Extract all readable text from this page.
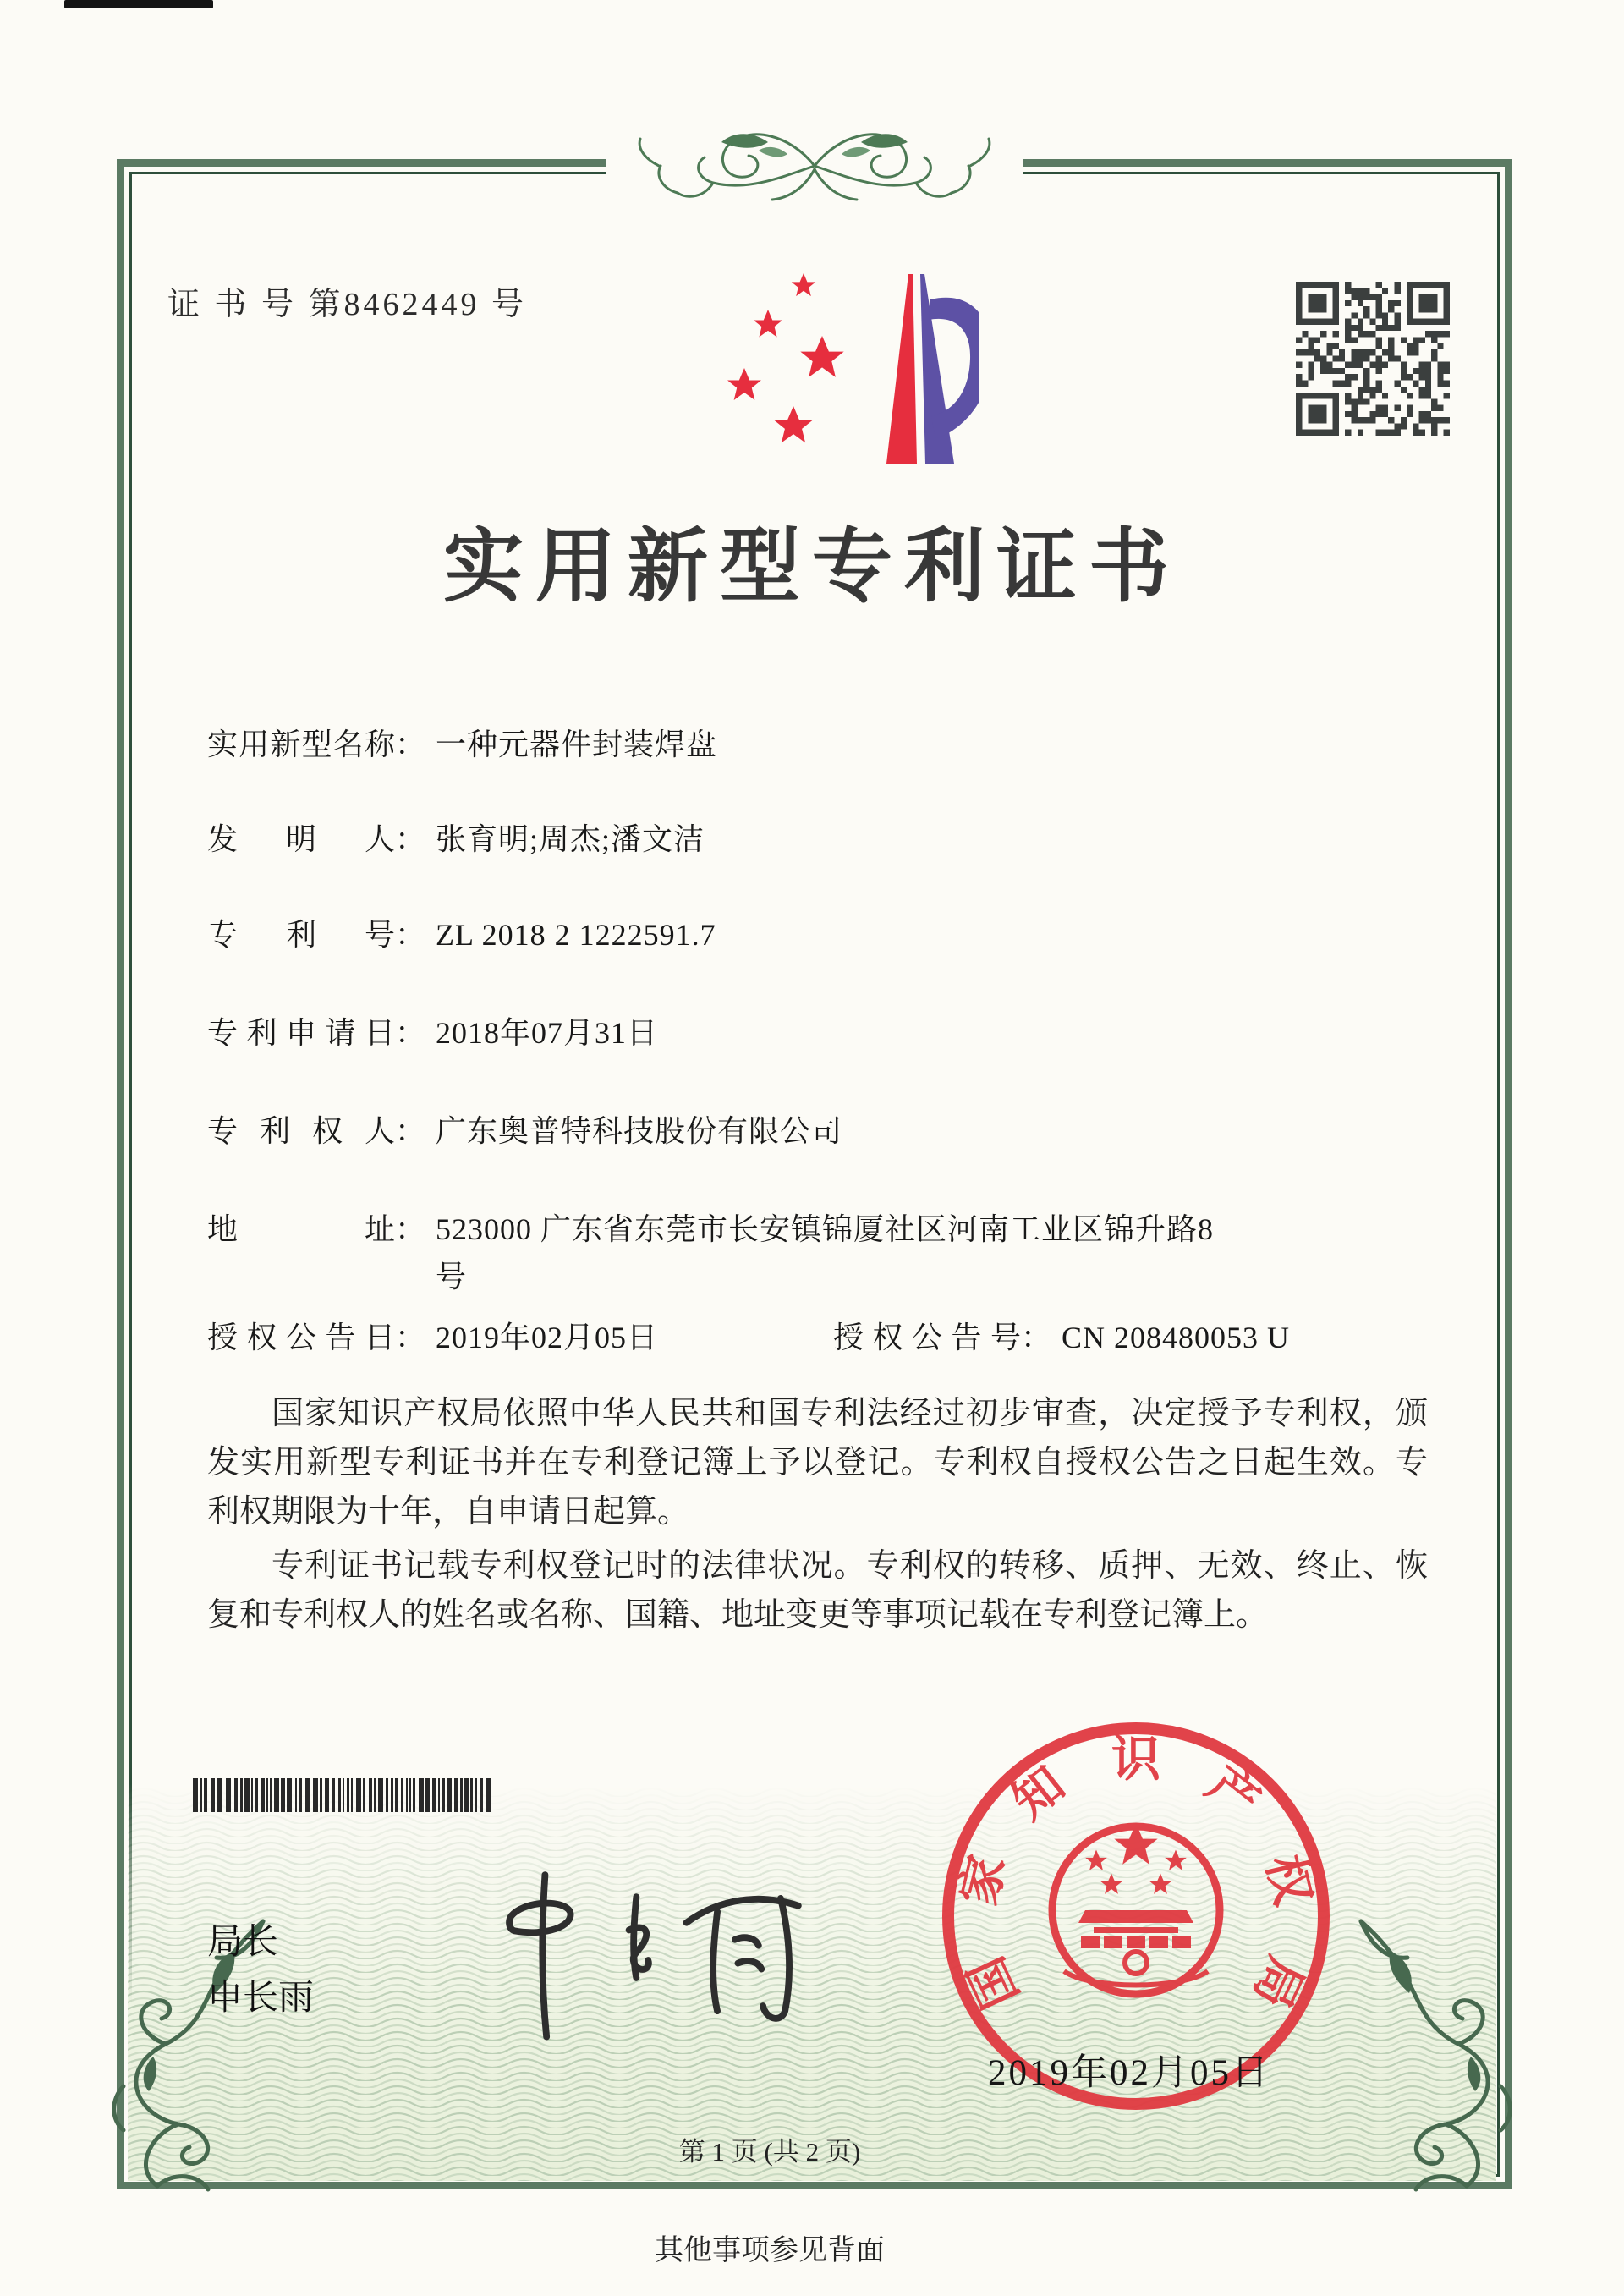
证 书 号 第8462449 号
实用新型专利证书
实用新型名称： 一种元器件封装焊盘
发明人： 张育明;周杰;潘文洁
专利号： ZL 2018 2 1222591.7
专利申请日： 2018年07月31日
专利权人： 广东奥普特科技股份有限公司
地址： 523000 广东省东莞市长安镇锦厦社区河南工业区锦升路8号
授权公告日： 2019年02月05日	授权公告号： CN 208480053 U

国家知识产权局依照中华人民共和国专利法经过初步审查，决定授予专利权，颁发实用新型专利证书并在专利登记簿上予以登记。专利权自授权公告之日起生效。专利权期限为十年，自申请日起算。

专利证书记载专利权登记时的法律状况。专利权的转移、质押、无效、终止、恢复和专利权人的姓名或名称、国籍、地址变更等事项记载在专利登记簿上。

局长
申长雨	国
家
知 识 产
权
局
2019年02月05日
第 1 页 (共 2 页)
其他事项参见背面
